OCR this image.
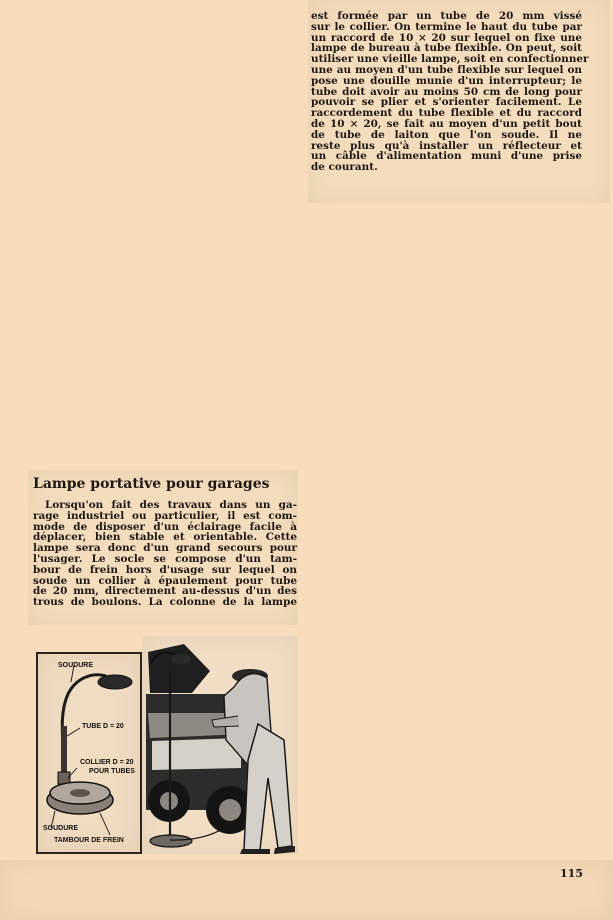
est formée par un tube de 20 mm vissé
sur le collier. On termine le haut du tube par
un raccord de 10 × 20 sur lequel on fixe une
lampe de bureau à tube flexible. On peut, soit
utiliser une vieille lampe, soit en confectionner
une au moyen d'un tube flexible sur lequel on
pose une douille munie d'un interrupteur; le
tube doit avoir au moins 50 cm de long pour
pouvoir se plier et s'orienter facilement. Le
raccordement du tube flexible et du raccord
de 10 × 20, se fait au moyen d'un petit bout
de tube de laiton que l'on soude. Il ne
reste plus qu'à installer un réflecteur et
un câble d'alimentation muni d'une prise
de courant.
Lampe portative pour garages
Lorsqu'on fait des travaux dans un ga-
rage industriel ou particulier, il est com-
mode de disposer d'un éclairage facile à
déplacer, bien stable et orientable. Cette
lampe sera donc d'un grand secours pour
l'usager. Le socle se compose d'un tam-
bour de frein hors d'usage sur lequel on
soude un collier à épaulement pour tube
de 20 mm, directement au-dessus d'un des
trous de boulons. La colonne de la lampe
SOUDURE
TUBE D = 20
COLLIER D = 20
POUR TUBES
SOUDURE
TAMBOUR DE FREIN
115
